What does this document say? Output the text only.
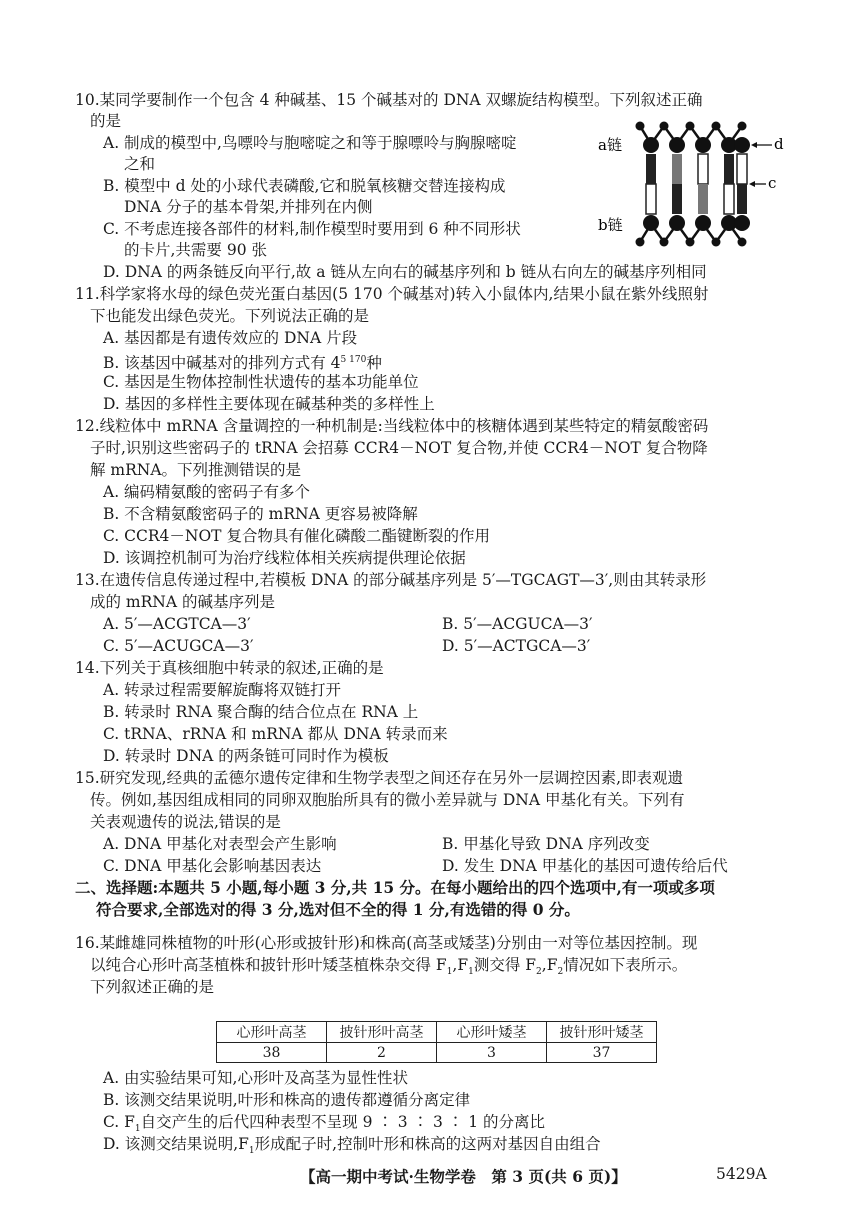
10.某同学要制作一个包含 4 种碱基、15 个碱基对的 DNA 双螺旋结构模型。下列叙述正确
的是
A. 制成的模型中,鸟嘌呤与胞嘧啶之和等于腺嘌呤与胸腺嘧啶
之和
B. 模型中 d 处的小球代表磷酸,它和脱氧核糖交替连接构成
DNA 分子的基本骨架,并排列在内侧
C. 不考虑连接各部件的材料,制作模型时要用到 6 种不同形状
的卡片,共需要 90 张
D. DNA 的两条链反向平行,故 a 链从左向右的碱基序列和 b 链从右向左的碱基序列相同
a链
b链
d
c
11.科学家将水母的绿色荧光蛋白基因(5 170 个碱基对)转入小鼠体内,结果小鼠在紫外线照射
下也能发出绿色荧光。下列说法正确的是
A. 基因都是有遗传效应的 DNA 片段
B. 该基因中碱基对的排列方式有 $4^{5 170}$种
C. 基因是生物体控制性状遗传的基本功能单位
D. 基因的多样性主要体现在碱基种类的多样性上
12.线粒体中 mRNA 含量调控的一种机制是:当线粒体中的核糖体遇到某些特定的精氨酸密码
子时,识别这些密码子的 tRNA 会招募 CCR4－NOT 复合物,并使 CCR4－NOT 复合物降
解 mRNA。下列推测错误的是
A. 编码精氨酸的密码子有多个
B. 不含精氨酸密码子的 mRNA 更容易被降解
C. CCR4－NOT 复合物具有催化磷酸二酯键断裂的作用
D. 该调控机制可为治疗线粒体相关疾病提供理论依据
13.在遗传信息传递过程中,若模板 DNA 的部分碱基序列是 5′—TGCAGT—3′,则由其转录形
成的 mRNA 的碱基序列是
A. 5′—ACGTCA—3′	B. 5′—ACGUCA—3′
C. 5′—ACUGCA—3′	D. 5′—ACTGCA—3′
14.下列关于真核细胞中转录的叙述,正确的是
A. 转录过程需要解旋酶将双链打开
B. 转录时 RNA 聚合酶的结合位点在 RNA 上
C. tRNA、rRNA 和 mRNA 都从 DNA 转录而来
D. 转录时 DNA 的两条链可同时作为模板
15.研究发现,经典的孟德尔遗传定律和生物学表型之间还存在另外一层调控因素,即表观遗
传。例如,基因组成相同的同卵双胞胎所具有的微小差异就与 DNA 甲基化有关。下列有
关表观遗传的说法,错误的是
A. DNA 甲基化对表型会产生影响	B. 甲基化导致 DNA 序列改变
C. DNA 甲基化会影响基因表达	D. 发生 DNA 甲基化的基因可遗传给后代
二、选择题:本题共 5 小题,每小题 3 分,共 15 分。在每小题给出的四个选项中,有一项或多项
符合要求,全部选对的得 3 分,选对但不全的得 1 分,有选错的得 0 分。
16.某雌雄同株植物的叶形(心形或披针形)和株高(高茎或矮茎)分别由一对等位基因控制。现
以纯合心形叶高茎植株和披针形叶矮茎植株杂交得 $F_1,F_1$测交得 $F_2,F_2$情况如下表所示。
下列叙述正确的是
心形叶高茎	披针形叶高茎	心形叶矮茎	披针形叶矮茎
38	2	3	37
A. 由实验结果可知,心形叶及高茎为显性性状
B. 该测交结果说明,叶形和株高的遗传都遵循分离定律
C. $F_1$自交产生的后代四种表型不呈现 9 ∶ 3 ∶ 3 ∶ 1 的分离比
D. 该测交结果说明$,F_1$形成配子时,控制叶形和株高的这两对基因自由组合
【高一期中考试·生物学卷　第 3 页(共 6 页)】	5429A
